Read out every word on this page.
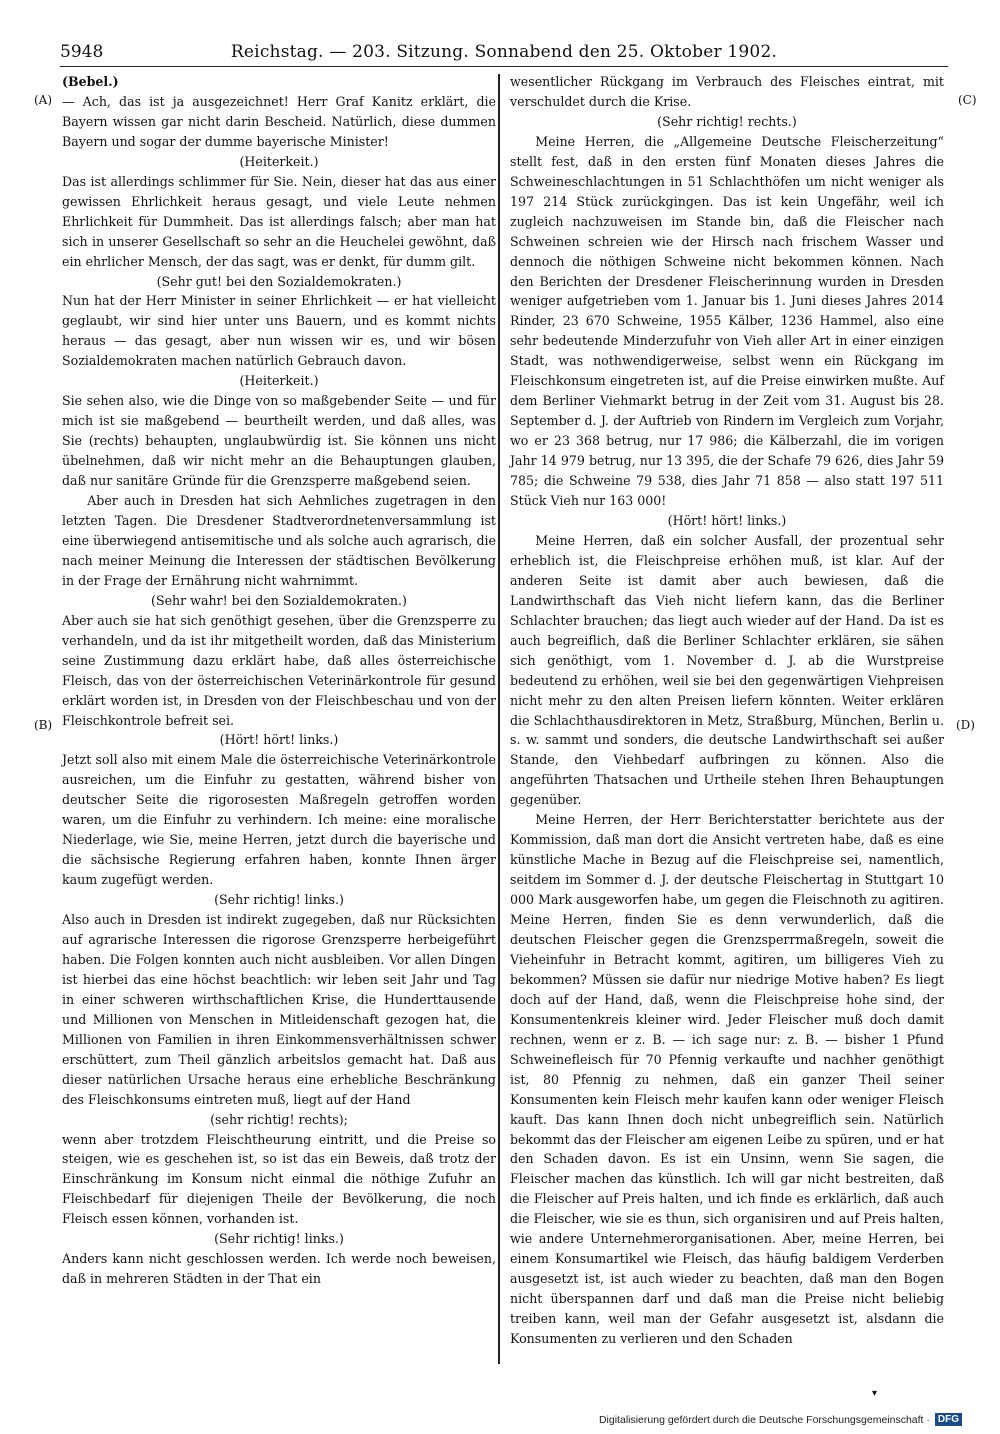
5948	Reichstag. — 203. Sitzung. Sonnabend den 25. Oktober 1902.
(A)
(B)
(C)
(D)

(Bebel.)

— Ach, das ist ja ausgezeichnet! Herr Graf Kanitz erklärt, die Bayern wissen gar nicht darin Bescheid. Natürlich, diese dummen Bayern und sogar der dumme bayerische Minister!

(Heiterkeit.)

Das ist allerdings schlimmer für Sie. Nein, dieser hat das aus einer gewissen Ehrlichkeit heraus gesagt, und viele Leute nehmen Ehrlichkeit für Dummheit. Das ist allerdings falsch; aber man hat sich in unserer Gesellschaft so sehr an die Heuchelei gewöhnt, daß ein ehrlicher Mensch, der das sagt, was er denkt, für dumm gilt.

(Sehr gut! bei den Sozialdemokraten.)

Nun hat der Herr Minister in seiner Ehrlichkeit — er hat vielleicht geglaubt, wir sind hier unter uns Bauern, und es kommt nichts heraus — das gesagt, aber nun wissen wir es, und wir bösen Sozialdemokraten machen natürlich Gebrauch davon.

(Heiterkeit.)

Sie sehen also, wie die Dinge von so maßgebender Seite — und für mich ist sie maßgebend — beurtheilt werden, und daß alles, was Sie (rechts) behaupten, unglaubwürdig ist. Sie können uns nicht übelnehmen, daß wir nicht mehr an die Behauptungen glauben, daß nur sanitäre Gründe für die Grenzsperre maßgebend seien.

Aber auch in Dresden hat sich Aehnliches zugetragen in den letzten Tagen. Die Dresdener Stadtverordnetenversammlung ist eine überwiegend antisemitische und als solche auch agrarisch, die nach meiner Meinung die Interessen der städtischen Bevölkerung in der Frage der Ernährung nicht wahrnimmt.

(Sehr wahr! bei den Sozialdemokraten.)

Aber auch sie hat sich genöthigt gesehen, über die Grenzsperre zu verhandeln, und da ist ihr mitgetheilt worden, daß das Ministerium seine Zustimmung dazu erklärt habe, daß alles österreichische Fleisch, das von der österreichischen Veterinärkontrole für gesund erklärt worden ist, in Dresden von der Fleischbeschau und von der Fleischkontrole befreit sei.

(Hört! hört! links.)

Jetzt soll also mit einem Male die österreichische Veterinärkontrole ausreichen, um die Einfuhr zu gestatten, während bisher von deutscher Seite die rigorosesten Maßregeln getroffen worden waren, um die Einfuhr zu verhindern. Ich meine: eine moralische Niederlage, wie Sie, meine Herren, jetzt durch die bayerische und die sächsische Regierung erfahren haben, konnte Ihnen ärger kaum zugefügt werden.

(Sehr richtig! links.)

Also auch in Dresden ist indirekt zugegeben, daß nur Rücksichten auf agrarische Interessen die rigorose Grenzsperre herbeigeführt haben. Die Folgen konnten auch nicht ausbleiben. Vor allen Dingen ist hierbei das eine höchst beachtlich: wir leben seit Jahr und Tag in einer schweren wirthschaftlichen Krise, die Hunderttausende und Millionen von Menschen in Mitleidenschaft gezogen hat, die Millionen von Familien in ihren Einkommensverhältnissen schwer erschüttert, zum Theil gänzlich arbeitslos gemacht hat. Daß aus dieser natürlichen Ursache heraus eine erhebliche Beschränkung des Fleischkonsums eintreten muß, liegt auf der Hand

(sehr richtig! rechts);

wenn aber trotzdem Fleischtheurung eintritt, und die Preise so steigen, wie es geschehen ist, so ist das ein Beweis, daß trotz der Einschränkung im Konsum nicht einmal die nöthige Zufuhr an Fleischbedarf für diejenigen Theile der Bevölkerung, die noch Fleisch essen können, vorhanden ist.

(Sehr richtig! links.)

Anders kann nicht geschlossen werden. Ich werde noch beweisen, daß in mehreren Städten in der That ein

wesentlicher Rückgang im Verbrauch des Fleisches eintrat, mit verschuldet durch die Krise.

(Sehr richtig! rechts.)

Meine Herren, die „Allgemeine Deutsche Fleischerzeitung“ stellt fest, daß in den ersten fünf Monaten dieses Jahres die Schweineschlachtungen in 51 Schlachthöfen um nicht weniger als 197 214 Stück zurückgingen. Das ist kein Ungefähr, weil ich zugleich nachzuweisen im Stande bin, daß die Fleischer nach Schweinen schreien wie der Hirsch nach frischem Wasser und dennoch die nöthigen Schweine nicht bekommen können. Nach den Berichten der Dresdener Fleischerinnung wurden in Dresden weniger aufgetrieben vom 1. Januar bis 1. Juni dieses Jahres 2014 Rinder, 23 670 Schweine, 1955 Kälber, 1236 Hammel, also eine sehr bedeutende Minderzufuhr von Vieh aller Art in einer einzigen Stadt, was nothwendigerweise, selbst wenn ein Rückgang im Fleischkonsum eingetreten ist, auf die Preise einwirken mußte. Auf dem Berliner Viehmarkt betrug in der Zeit vom 31. August bis 28. September d. J. der Auftrieb von Rindern im Vergleich zum Vorjahr, wo er 23 368 betrug, nur 17 986; die Kälberzahl, die im vorigen Jahr 14 979 betrug, nur 13 395, die der Schafe 79 626, dies Jahr 59 785; die Schweine 79 538, dies Jahr 71 858 — also statt 197 511 Stück Vieh nur 163 000!

(Hört! hört! links.)

Meine Herren, daß ein solcher Ausfall, der prozentual sehr erheblich ist, die Fleischpreise erhöhen muß, ist klar. Auf der anderen Seite ist damit aber auch bewiesen, daß die Landwirthschaft das Vieh nicht liefern kann, das die Berliner Schlachter brauchen; das liegt auch wieder auf der Hand. Da ist es auch begreiflich, daß die Berliner Schlachter erklären, sie sähen sich genöthigt, vom 1. November d. J. ab die Wurstpreise bedeutend zu erhöhen, weil sie bei den gegenwärtigen Viehpreisen nicht mehr zu den alten Preisen liefern könnten. Weiter erklären die Schlachthausdirektoren in Metz, Straßburg, München, Berlin u. s. w. sammt und sonders, die deutsche Landwirthschaft sei außer Stande, den Viehbedarf aufbringen zu können. Also die angeführten Thatsachen und Urtheile stehen Ihren Behauptungen gegenüber.

Meine Herren, der Herr Berichterstatter berichtete aus der Kommission, daß man dort die Ansicht vertreten habe, daß es eine künstliche Mache in Bezug auf die Fleischpreise sei, namentlich, seitdem im Sommer d. J. der deutsche Fleischertag in Stuttgart 10 000 Mark ausgeworfen habe, um gegen die Fleischnoth zu agitiren. Meine Herren, finden Sie es denn verwunderlich, daß die deutschen Fleischer gegen die Grenzsperrmaßregeln, soweit die Vieheinfuhr in Betracht kommt, agitiren, um billigeres Vieh zu bekommen? Müssen sie dafür nur niedrige Motive haben? Es liegt doch auf der Hand, daß, wenn die Fleischpreise hohe sind, der Konsumentenkreis kleiner wird. Jeder Fleischer muß doch damit rechnen, wenn er z. B. — ich sage nur: z. B. — bisher 1 Pfund Schweinefleisch für 70 Pfennig verkaufte und nachher genöthigt ist, 80 Pfennig zu nehmen, daß ein ganzer Theil seiner Konsumenten kein Fleisch mehr kaufen kann oder weniger Fleisch kauft. Das kann Ihnen doch nicht unbegreiflich sein. Natürlich bekommt das der Fleischer am eigenen Leibe zu spüren, und er hat den Schaden davon. Es ist ein Unsinn, wenn Sie sagen, die Fleischer machen das künstlich. Ich will gar nicht bestreiten, daß die Fleischer auf Preis halten, und ich finde es erklärlich, daß auch die Fleischer, wie sie es thun, sich organisiren und auf Preis halten, wie andere Unternehmerorganisationen. Aber, meine Herren, bei einem Konsumartikel wie Fleisch, das häufig baldigem Verderben ausgesetzt ist, ist auch wieder zu beachten, daß man den Bogen nicht überspannen darf und daß man die Preise nicht beliebig treiben kann, weil man der Gefahr ausgesetzt ist, alsdann die Konsumenten zu verlieren und den Schaden

▾
Digitalisierung gefördert durch die Deutsche Forschungsgemeinschaft · DFG
